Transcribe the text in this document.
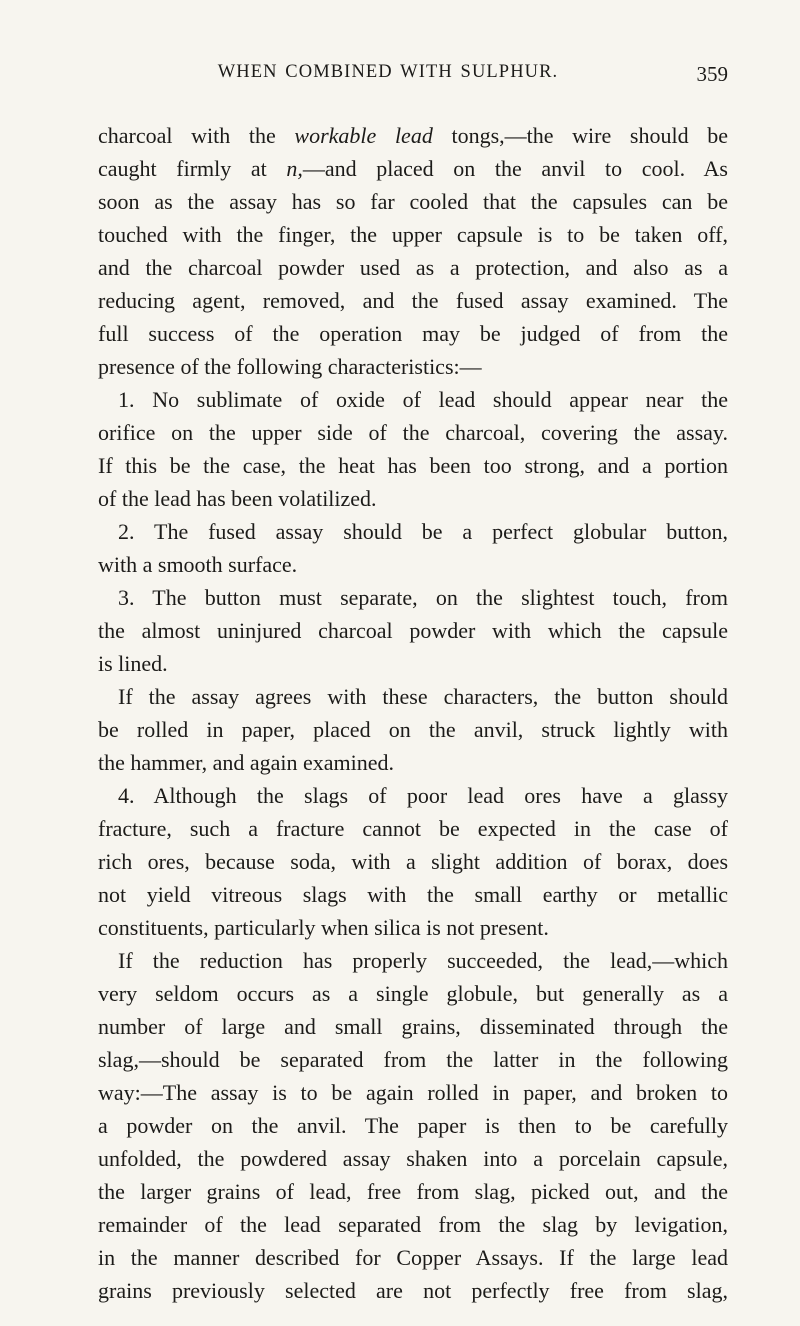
WHEN COMBINED WITH SULPHUR.	359
charcoal with the workable lead tongs,—the wire should be
caught firmly at n,—and placed on the anvil to cool. As
soon as the assay has so far cooled that the capsules can be
touched with the finger, the upper capsule is to be taken off,
and the charcoal powder used as a protection, and also as a
reducing agent, removed, and the fused assay examined. The
full success of the operation may be judged of from the
presence of the following characteristics:—
1. No sublimate of oxide of lead should appear near the
orifice on the upper side of the charcoal, covering the assay.
If this be the case, the heat has been too strong, and a portion
of the lead has been volatilized.
2. The fused assay should be a perfect globular button,
with a smooth surface.
3. The button must separate, on the slightest touch, from
the almost uninjured charcoal powder with which the capsule
is lined.
If the assay agrees with these characters, the button should
be rolled in paper, placed on the anvil, struck lightly with
the hammer, and again examined.
4. Although the slags of poor lead ores have a glassy
fracture, such a fracture cannot be expected in the case of
rich ores, because soda, with a slight addition of borax, does
not yield vitreous slags with the small earthy or metallic
constituents, particularly when silica is not present.
If the reduction has properly succeeded, the lead,—which
very seldom occurs as a single globule, but generally as a
number of large and small grains, disseminated through the
slag,—should be separated from the latter in the following
way:—The assay is to be again rolled in paper, and broken to
a powder on the anvil. The paper is then to be carefully
unfolded, the powdered assay shaken into a porcelain capsule,
the larger grains of lead, free from slag, picked out, and the
remainder of the lead separated from the slag by levigation,
in the manner described for Copper Assays. If the large lead
grains previously selected are not perfectly free from slag,
